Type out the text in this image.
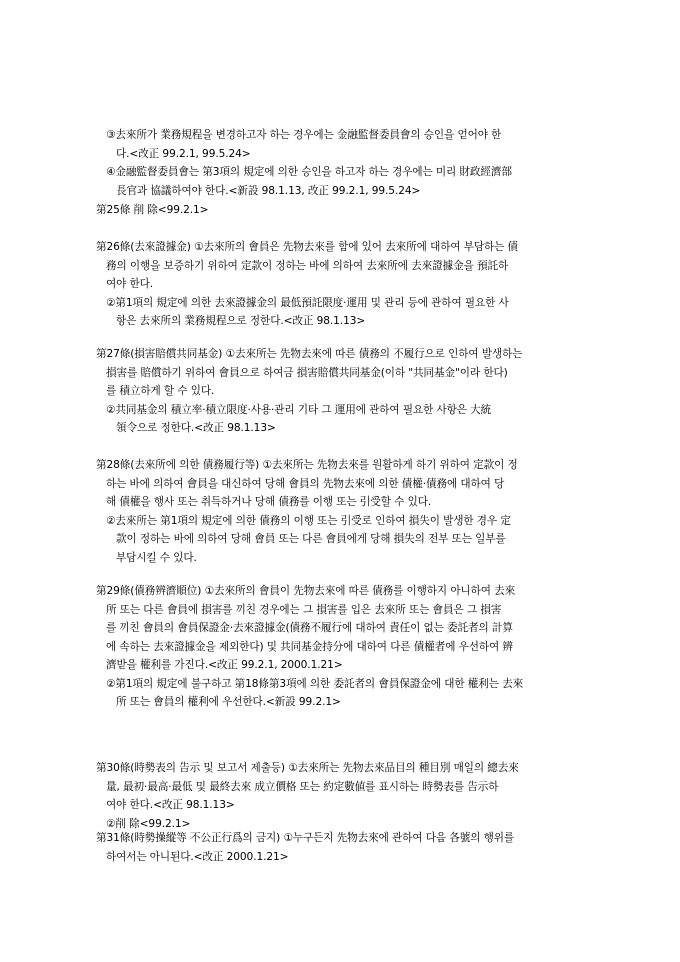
③去來所가 業務規程을 변경하고자 하는 경우에는 金融監督委員會의 승인을 얻어야 한
다.<改正 99.2.1, 99.5.24>
④金融監督委員會는 第3項의 規定에 의한 승인을 하고자 하는 경우에는 미리 財政經濟部
長官과 協議하여야 한다.<新設 98.1.13, 改正 99.2.1, 99.5.24>
第25條 削 除<99.2.1>
第26條(去來證據金) ①去來所의 會員은 先物去來를 함에 있어 去來所에 대하여 부담하는 債
務의 이행을 보증하기 위하여 定款이 정하는 바에 의하여 去來所에 去來證據金을 預託하
여야 한다.
②第1項의 規定에 의한 去來證據金의 最低預託限度·運用 및 관리 등에 관하여 필요한 사
항은 去來所의 業務規程으로 정한다.<改正 98.1.13>
第27條(損害賠償共同基金) ①去來所는 先物去來에 따른 債務의 不履行으로 인하여 발생하는
損害를 賠償하기 위하여 會員으로 하여금 損害賠償共同基金(이하 "共同基金"이라 한다)
를 積立하게 할 수 있다.
②共同基金의 積立率·積立限度·사용·관리 기타 그 運用에 관하여 필요한 사항은 大統
領令으로 정한다.<改正 98.1.13>
第28條(去來所에 의한 債務履行等) ①去來所는 先物去來를 원활하게 하기 위하여 定款이 정
하는 바에 의하여 會員을 대신하여 당해 會員의 先物去來에 의한 債權·債務에 대하여 당
해 債權을 행사 또는 취득하거나 당해 債務를 이행 또는 引受할 수 있다.
②去來所는 第1項의 規定에 의한 債務의 이행 또는 引受로 인하여 損失이 발생한 경우 定
款이 정하는 바에 의하여 당해 會員 또는 다른 會員에게 당해 損失의 전부 또는 일부를
부담시킬 수 있다.
第29條(債務辨濟順位) ①去來所의 會員이 先物去來에 따른 債務를 이행하지 아니하여 去來
所 또는 다른 會員에 損害를 끼친 경우에는 그 損害를 입은 去來所 또는 會員은 그 損害
를 끼친 會員의 會員保證金·去來證據金(債務不履行에 대하여 責任이 없는 委託者의 計算
에 속하는 去來證據金을 제외한다) 및 共同基金持分에 대하여 다른 債權者에 우선하여 辨
濟받을 權利를 가진다.<改正 99.2.1, 2000.1.21>
②第1項의 規定에 불구하고 第18條第3項에 의한 委託者의 會員保證金에 대한 權利는 去來
所 또는 會員의 權利에 우선한다.<新設 99.2.1>
第30條(時勢表의 告示 및 보고서 제출등) ①去來所는 先物去來品目의 種目別 매일의 總去來
量, 最初·最高·最低 및 最終去來 成立價格 또는 約定數値를 표시하는 時勢表를 告示하
여야 한다.<改正 98.1.13>
②削 除<99.2.1>
第31條(時勢操縱等 不公正行爲의 금지) ①누구든지 先物去來에 관하여 다음 各號의 행위를
하여서는 아니된다.<改正 2000.1.21>
